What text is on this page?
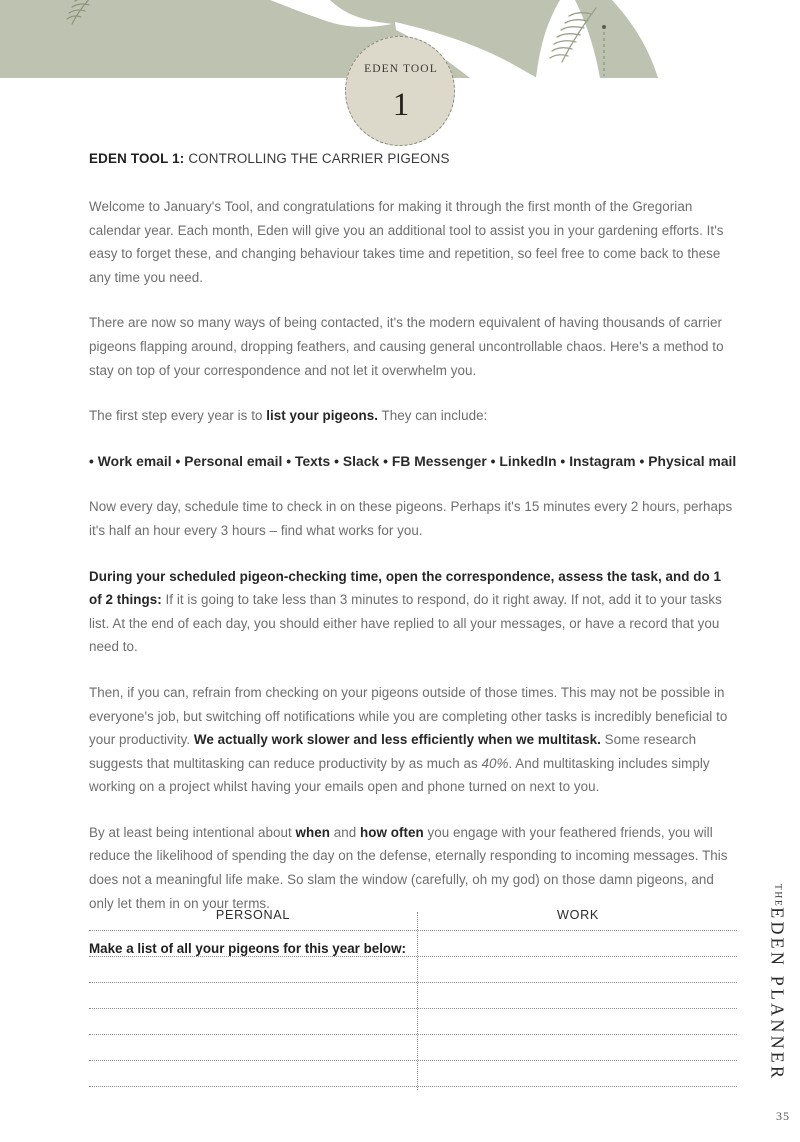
EDEN TOOL
1
EDEN TOOL 1: CONTROLLING THE CARRIER PIGEONS

Welcome to January's Tool, and congratulations for making it through the first month of the Gregorian calendar year. Each month, Eden will give you an additional tool to assist you in your gardening efforts. It's easy to forget these, and changing behaviour takes time and repetition, so feel free to come back to these any time you need.

There are now so many ways of being contacted, it's the modern equivalent of having thousands of carrier pigeons flapping around, dropping feathers, and causing general uncontrollable chaos. Here's a method to stay on top of your correspondence and not let it overwhelm you.

The first step every year is to list your pigeons. They can include:

• Work email • Personal email • Texts • Slack • FB Messenger • LinkedIn • Instagram • Physical mail

Now every day, schedule time to check in on these pigeons. Perhaps it's 15 minutes every 2 hours, perhaps it's half an hour every 3 hours – find what works for you.

During your scheduled pigeon-checking time, open the correspondence, assess the task, and do 1 of 2 things: If it is going to take less than 3 minutes to respond, do it right away. If not, add it to your tasks list. At the end of each day, you should either have replied to all your messages, or have a record that you need to.

Then, if you can, refrain from checking on your pigeons outside of those times. This may not be possible in everyone's job, but switching off notifications while you are completing other tasks is incredibly beneficial to your productivity. We actually work slower and less efficiently when we multitask. Some research suggests that multitasking can reduce productivity by as much as 40%. And multitasking includes simply working on a project whilst having your emails open and phone turned on next to you.

By at least being intentional about when and how often you engage with your feathered friends, you will reduce the likelihood of spending the day on the defense, eternally responding to incoming messages. This does not a meaningful life make. So slam the window (carefully, oh my god) on those damn pigeons, and only let them in on your terms.

Make a list of all your pigeons for this year below:

PERSONAL	WORK
THEEDEN PLANNER
35
